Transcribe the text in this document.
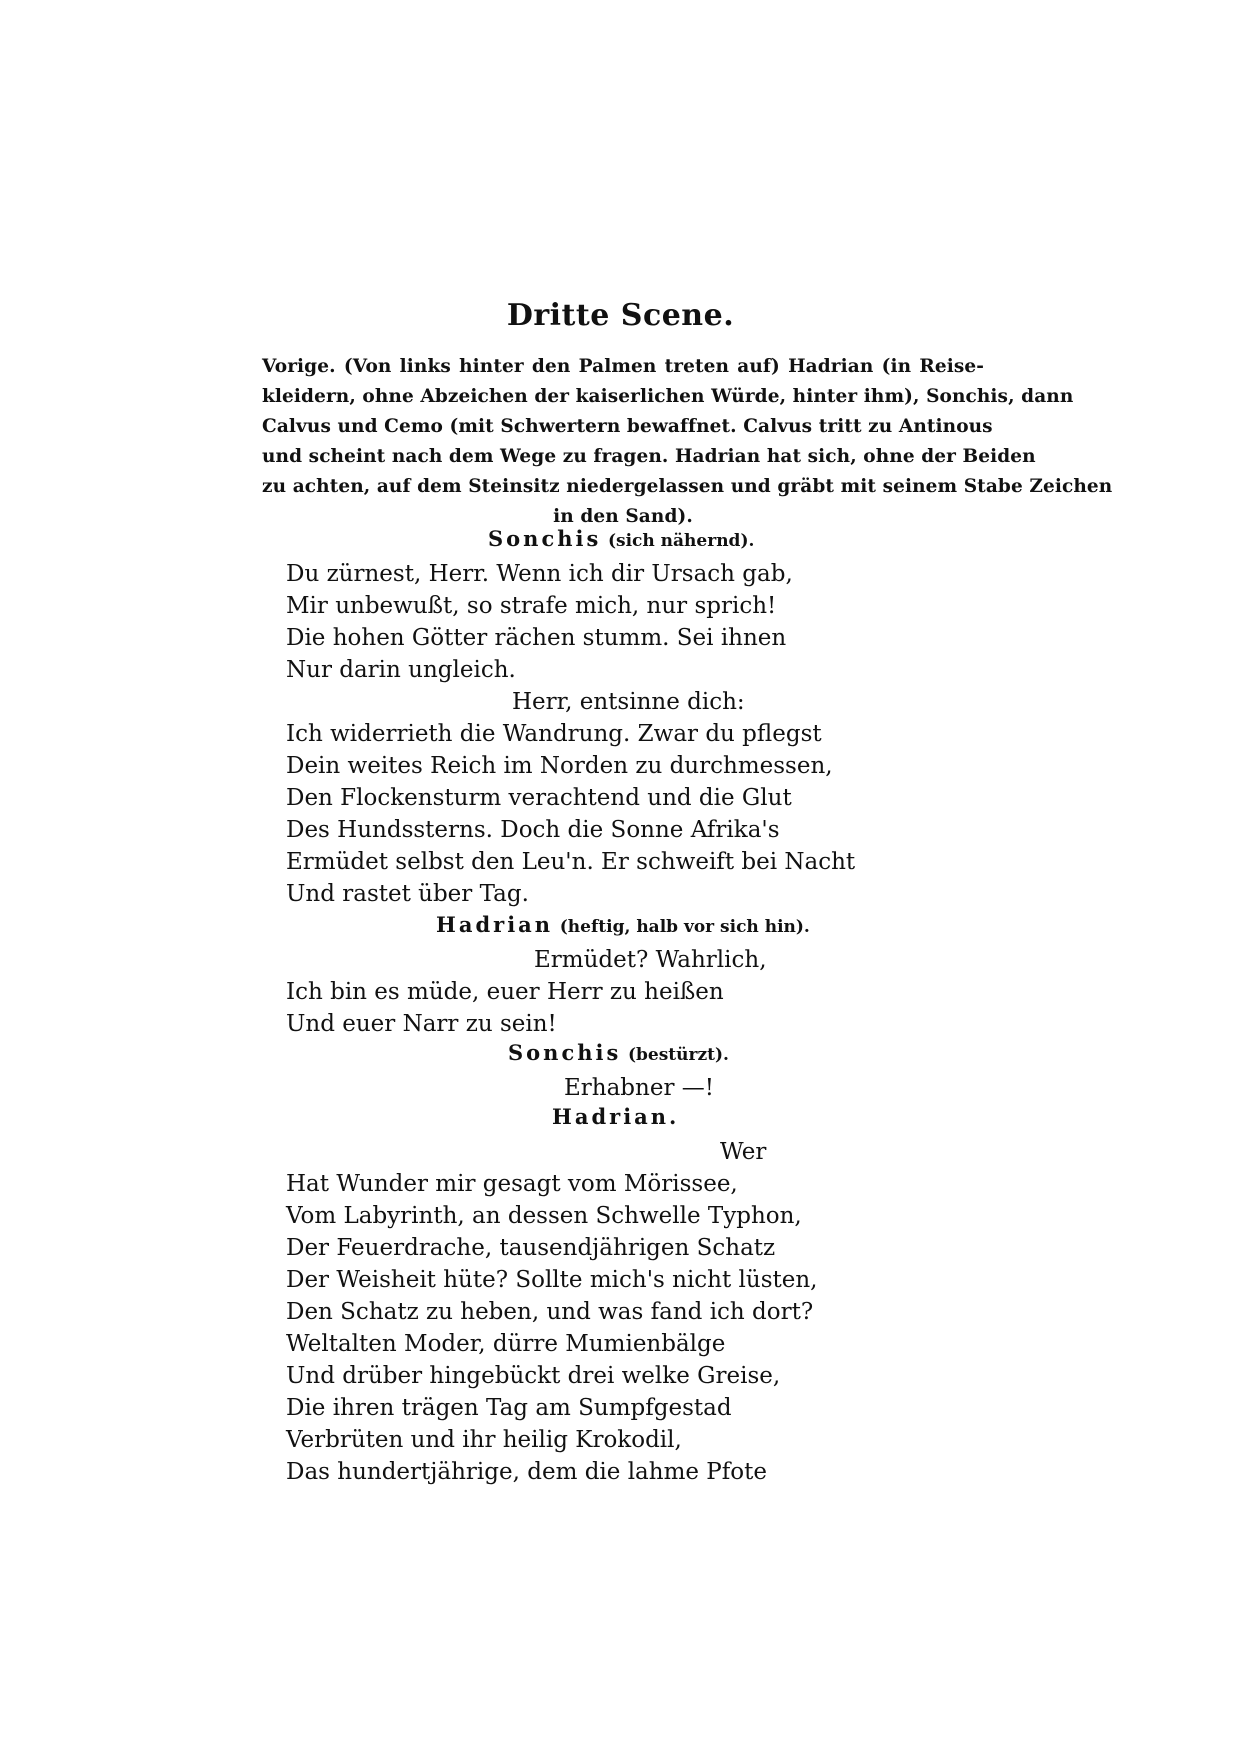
Dritte Scene.
Vorige. (Von links hinter den Palmen treten auf) Hadrian (in Reise-
kleidern, ohne Abzeichen der kaiserlichen Würde, hinter ihm), Sonchis, dann
Calvus und Cemo (mit Schwertern bewaffnet. Calvus tritt zu Antinous
und scheint nach dem Wege zu fragen. Hadrian hat sich, ohne der Beiden
zu achten, auf dem Steinsitz niedergelassen und gräbt mit seinem Stabe Zeichen
in den Sand).
Sonchis (sich nähernd).
Hadrian (heftig, halb vor sich hin).
Sonchis (bestürzt).
Hadrian.
Du zürnest, Herr. Wenn ich dir Ursach gab,
Mir unbewußt, so strafe mich, nur sprich!
Die hohen Götter rächen stumm. Sei ihnen
Nur darin ungleich.
Herr, entsinne dich:
Ich widerrieth die Wandrung. Zwar du pflegst
Dein weites Reich im Norden zu durchmessen,
Den Flockensturm verachtend und die Glut
Des Hundssterns. Doch die Sonne Afrika's
Ermüdet selbst den Leu'n. Er schweift bei Nacht
Und rastet über Tag.
Ermüdet? Wahrlich,
Ich bin es müde, euer Herr zu heißen
Und euer Narr zu sein!
Erhabner —!
Wer
Hat Wunder mir gesagt vom Mörissee,
Vom Labyrinth, an dessen Schwelle Typhon,
Der Feuerdrache, tausendjährigen Schatz
Der Weisheit hüte? Sollte mich's nicht lüsten,
Den Schatz zu heben, und was fand ich dort?
Weltalten Moder, dürre Mumienbälge
Und drüber hingebückt drei welke Greise,
Die ihren trägen Tag am Sumpfgestad
Verbrüten und ihr heilig Krokodil,
Das hundertjährige, dem die lahme Pfote
